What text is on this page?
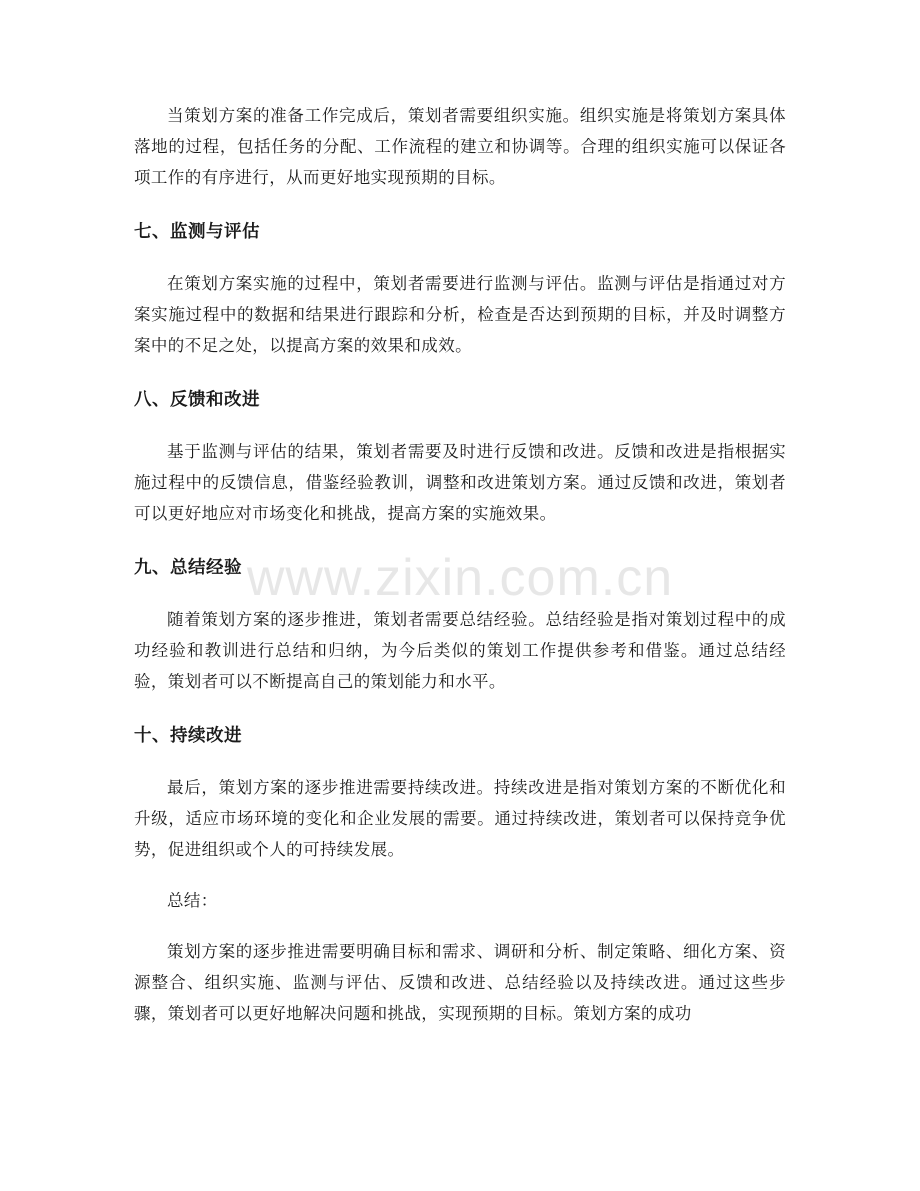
www.zixin.com.cn

当策划方案的准备工作完成后，策划者需要组织实施。组织实施是将策划方案具体落地的过程，包括任务的分配、工作流程的建立和协调等。合理的组织实施可以保证各项工作的有序进行，从而更好地实现预期的目标。

七、监测与评估

在策划方案实施的过程中，策划者需要进行监测与评估。监测与评估是指通过对方案实施过程中的数据和结果进行跟踪和分析，检查是否达到预期的目标，并及时调整方案中的不足之处，以提高方案的效果和成效。

八、反馈和改进

基于监测与评估的结果，策划者需要及时进行反馈和改进。反馈和改进是指根据实施过程中的反馈信息，借鉴经验教训，调整和改进策划方案。通过反馈和改进，策划者可以更好地应对市场变化和挑战，提高方案的实施效果。

九、总结经验

随着策划方案的逐步推进，策划者需要总结经验。总结经验是指对策划过程中的成功经验和教训进行总结和归纳，为今后类似的策划工作提供参考和借鉴。通过总结经验，策划者可以不断提高自己的策划能力和水平。

十、持续改进

最后，策划方案的逐步推进需要持续改进。持续改进是指对策划方案的不断优化和升级，适应市场环境的变化和企业发展的需要。通过持续改进，策划者可以保持竞争优势，促进组织或个人的可持续发展。

总结：

策划方案的逐步推进需要明确目标和需求、调研和分析、制定策略、细化方案、资源整合、组织实施、监测与评估、反馈和改进、总结经验以及持续改进。通过这些步骤，策划者可以更好地解决问题和挑战，实现预期的目标。策划方案的成功
